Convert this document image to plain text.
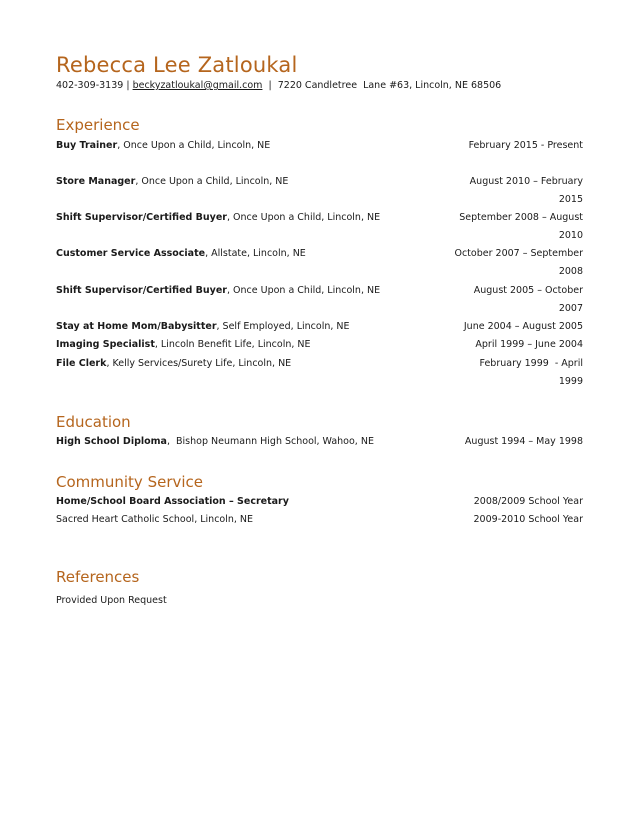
Rebecca Lee Zatloukal
402-309-3139 | beckyzatloukal@gmail.com  |  7220 Candletree  Lane #63, Lincoln, NE 68506
Experience
Buy Trainer, Once Upon a Child, Lincoln, NE	February 2015 - Present
Store Manager, Once Upon a Child, Lincoln, NE	August 2010 – February 2015
Shift Supervisor/Certified Buyer, Once Upon a Child, Lincoln, NE	September 2008 – August 2010
Customer Service Associate, Allstate, Lincoln, NE	October 2007 – September 2008
Shift Supervisor/Certified Buyer, Once Upon a Child, Lincoln, NE	August 2005 – October 2007
Stay at Home Mom/Babysitter, Self Employed, Lincoln, NE	June 2004 – August 2005
Imaging Specialist, Lincoln Benefit Life, Lincoln, NE	April 1999 – June 2004
File Clerk, Kelly Services/Surety Life, Lincoln, NE	February 1999  - April 1999
Education
High School Diploma,  Bishop Neumann High School, Wahoo, NE	August 1994 – May 1998
Community Service
Home/School Board Association – Secretary	2008/2009 School Year
Sacred Heart Catholic School, Lincoln, NE	2009-2010 School Year
References
Provided Upon Request
